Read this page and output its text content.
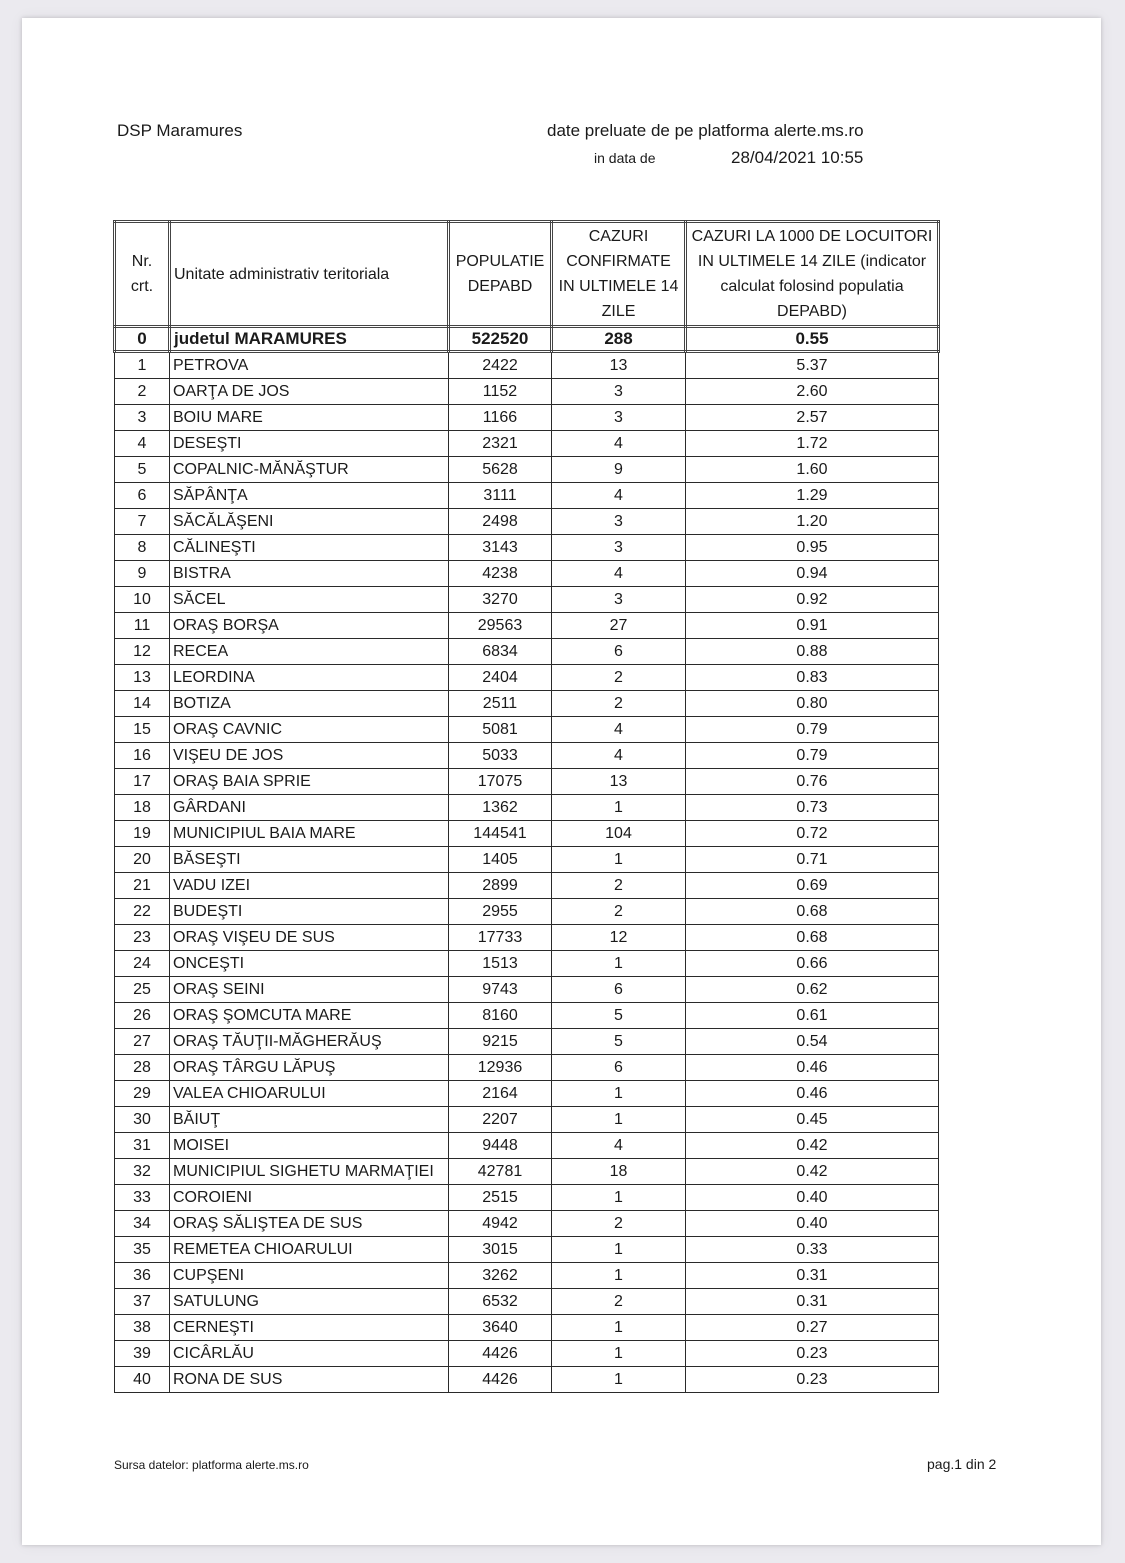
DSP Maramures	date preluate de pe platforma alerte.ms.ro
in data de	28/04/2021 10:55
Nr. crt.	Unitate administrativ teritoriala	POPULATIE DEPABD	CAZURI CONFIRMATE IN ULTIMELE 14 ZILE	CAZURI LA 1000 DE LOCUITORI IN ULTIMELE 14 ZILE (indicator calculat folosind populatia DEPABD)
0	judetul MARAMURES	522520	288	0.55
1	PETROVA	2422	13	5.37
2	OARŢA DE JOS	1152	3	2.60
3	BOIU MARE	1166	3	2.57
4	DESEŞTI	2321	4	1.72
5	COPALNIC-MĂNĂŞTUR	5628	9	1.60
6	SĂPÂNŢA	3111	4	1.29
7	SĂCĂLĂŞENI	2498	3	1.20
8	CĂLINEŞTI	3143	3	0.95
9	BISTRA	4238	4	0.94
10	SĂCEL	3270	3	0.92
11	ORAŞ BORŞA	29563	27	0.91
12	RECEA	6834	6	0.88
13	LEORDINA	2404	2	0.83
14	BOTIZA	2511	2	0.80
15	ORAŞ CAVNIC	5081	4	0.79
16	VIŞEU DE JOS	5033	4	0.79
17	ORAŞ BAIA SPRIE	17075	13	0.76
18	GÂRDANI	1362	1	0.73
19	MUNICIPIUL BAIA MARE	144541	104	0.72
20	BĂSEŞTI	1405	1	0.71
21	VADU IZEI	2899	2	0.69
22	BUDEŞTI	2955	2	0.68
23	ORAŞ VIŞEU DE SUS	17733	12	0.68
24	ONCEŞTI	1513	1	0.66
25	ORAŞ SEINI	9743	6	0.62
26	ORAŞ ŞOMCUTA MARE	8160	5	0.61
27	ORAŞ TĂUŢII-MĂGHERĂUŞ	9215	5	0.54
28	ORAŞ TÂRGU LĂPUŞ	12936	6	0.46
29	VALEA CHIOARULUI	2164	1	0.46
30	BĂIUŢ	2207	1	0.45
31	MOISEI	9448	4	0.42
32	MUNICIPIUL SIGHETU MARMAŢIEI	42781	18	0.42
33	COROIENI	2515	1	0.40
34	ORAŞ SĂLIŞTEA DE SUS	4942	2	0.40
35	REMETEA CHIOARULUI	3015	1	0.33
36	CUPŞENI	3262	1	0.31
37	SATULUNG	6532	2	0.31
38	CERNEŞTI	3640	1	0.27
39	CICÂRLĂU	4426	1	0.23
40	RONA DE SUS	4426	1	0.23
Sursa datelor: platforma alerte.ms.ro	pag.1 din 2
